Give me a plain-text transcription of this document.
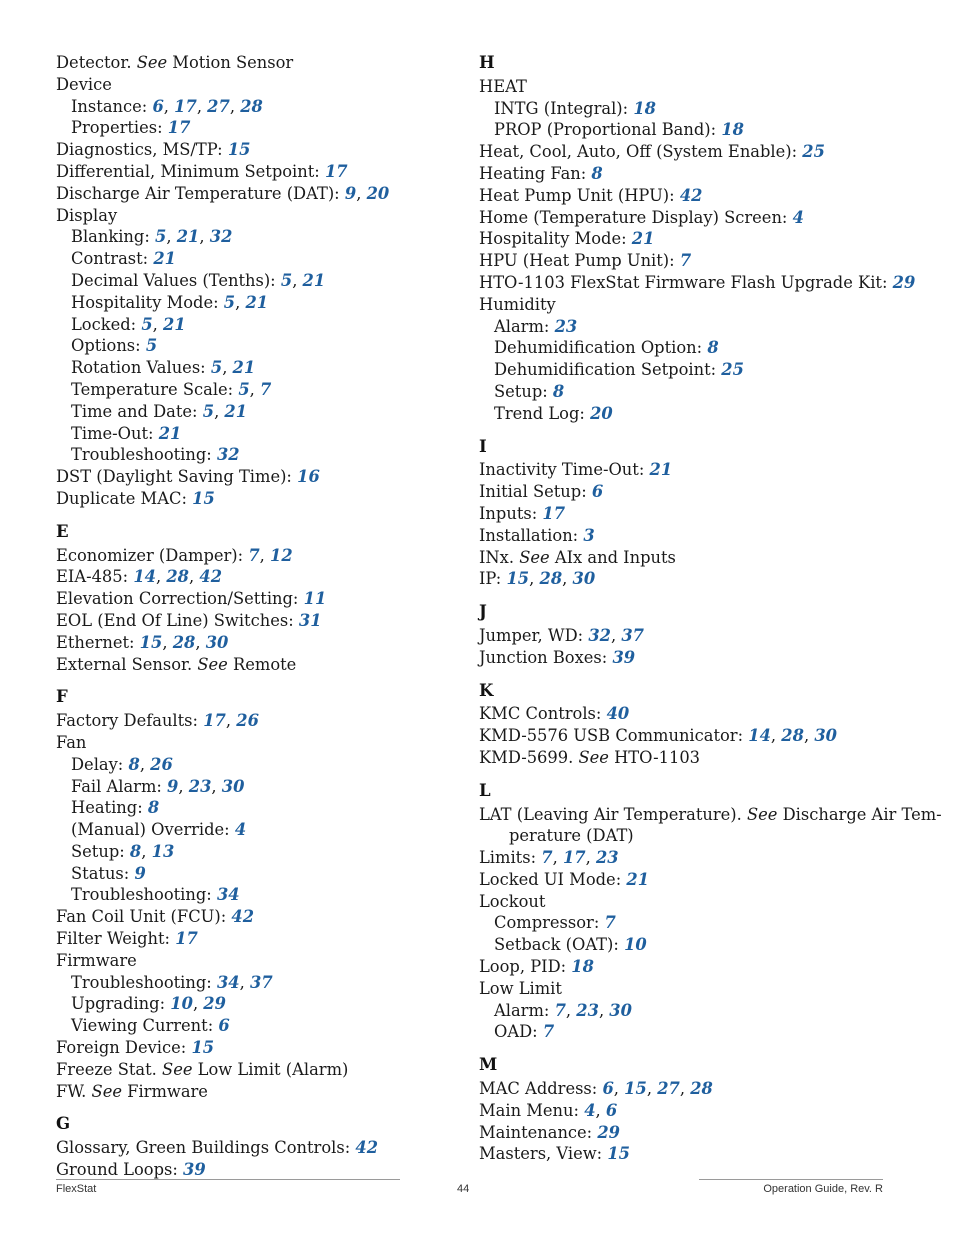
Detector. See Motion Sensor
Device
Instance: 6, 17, 27, 28
Properties: 17
Diagnostics, MS/TP: 15
Differential, Minimum Setpoint: 17
Discharge Air Temperature (DAT): 9, 20
Display
Blanking: 5, 21, 32
Contrast: 21
Decimal Values (Tenths): 5, 21
Hospitality Mode: 5, 21
Locked: 5, 21
Options: 5
Rotation Values: 5, 21
Temperature Scale: 5, 7
Time and Date: 5, 21
Time-Out: 21
Troubleshooting: 32
DST (Daylight Saving Time): 16
Duplicate MAC: 15
E
Economizer (Damper): 7, 12
EIA-485: 14, 28, 42
Elevation Correction/Setting: 11
EOL (End Of Line) Switches: 31
Ethernet: 15, 28, 30
External Sensor. See Remote
F
Factory Defaults: 17, 26
Fan
Delay: 8, 26
Fail Alarm: 9, 23, 30
Heating: 8
(Manual) Override: 4
Setup: 8, 13
Status: 9
Troubleshooting: 34
Fan Coil Unit (FCU): 42
Filter Weight: 17
Firmware
Troubleshooting: 34, 37
Upgrading: 10, 29
Viewing Current: 6
Foreign Device: 15
Freeze Stat. See Low Limit (Alarm)
FW. See Firmware
G
Glossary, Green Buildings Controls: 42
Ground Loops: 39
H
HEAT
INTG (Integral): 18
PROP (Proportional Band): 18
Heat, Cool, Auto, Off (System Enable): 25
Heating Fan: 8
Heat Pump Unit (HPU): 42
Home (Temperature Display) Screen: 4
Hospitality Mode: 21
HPU (Heat Pump Unit): 7
HTO-1103 FlexStat Firmware Flash Upgrade Kit: 29
Humidity
Alarm: 23
Dehumidification Option: 8
Dehumidification Setpoint: 25
Setup: 8
Trend Log: 20
I
Inactivity Time-Out: 21
Initial Setup: 6
Inputs: 17
Installation: 3
INx. See AIx and Inputs
IP: 15, 28, 30
J
Jumper, WD: 32, 37
Junction Boxes: 39
K
KMC Controls: 40
KMD-5576 USB Communicator: 14, 28, 30
KMD-5699. See HTO-1103
L
LAT (Leaving Air Temperature). See Discharge Air Tem-
perature (DAT)
Limits: 7, 17, 23
Locked UI Mode: 21
Lockout
Compressor: 7
Setback (OAT): 10
Loop, PID: 18
Low Limit
Alarm: 7, 23, 30
OAD: 7
M
MAC Address: 6, 15, 27, 28
Main Menu: 4, 6
Maintenance: 29
Masters, View: 15
FlexStat	44	Operation Guide, Rev. R
